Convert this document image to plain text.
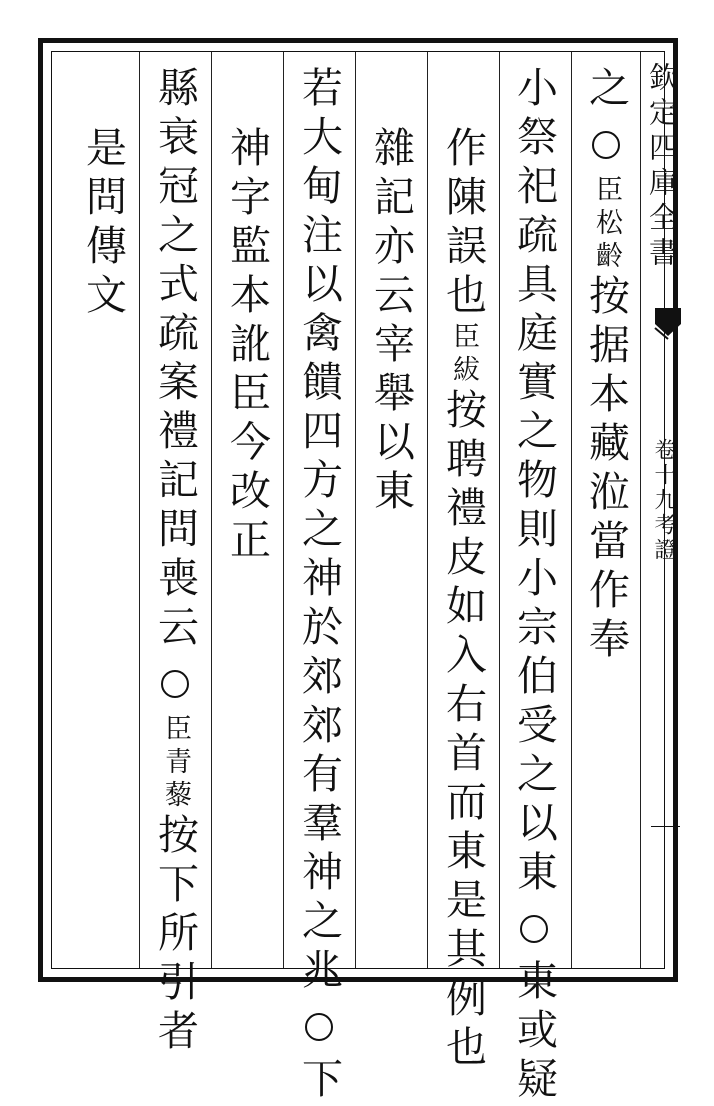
欽定四庫全書
卷十九考證
之
臣松齡
按据本藏涖當作奉
小祭祀疏具庭實之物則小宗伯受之以東
東或疑
作陳誤也
臣紱
按聘禮皮如入右首而東是其例也
雜記亦云宰舉以東
若大甸注以禽饋四方之神於郊郊有羣神之兆
下
神字監本訛臣今改正
縣衰冠之式疏案禮記問喪云
臣青藜
按下所引者
是問傳文
